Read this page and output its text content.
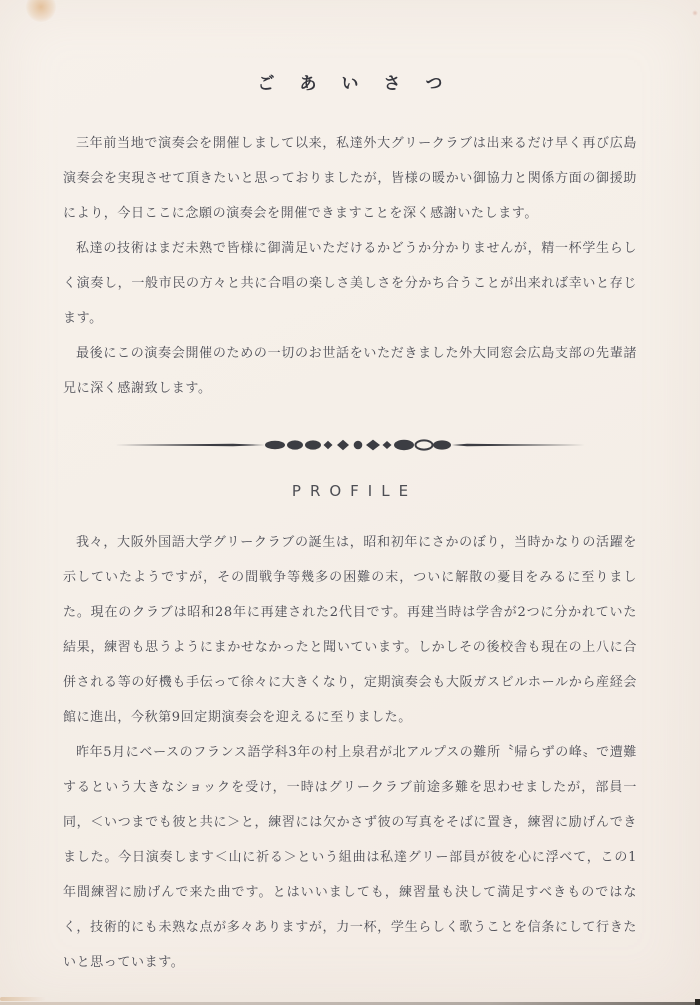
ごあいさつ

三年前当地で演奏会を開催しまして以来，私達外大グリークラブは出来るだけ早く再び広島演奏会を実現させて頂きたいと思っておりましたが，皆様の暖かい御協力と関係方面の御援助により，今日ここに念願の演奏会を開催できますことを深く感謝いたします。

私達の技術はまだ未熟で皆様に御満足いただけるかどうか分かりませんが，精一杯学生らしく演奏し，一般市民の方々と共に合唱の楽しさ美しさを分かち合うことが出来れば幸いと存じます。

最後にこの演奏会開催のための一切のお世話をいただきました外大同窓会広島支部の先輩諸兄に深く感謝致します。

PROFILE

我々，大阪外国語大学グリークラブの誕生は，昭和初年にさかのぼり，当時かなりの活躍を示していたようですが，その間戦争等幾多の困難の末，ついに解散の憂目をみるに至りました。現在のクラブは昭和28年に再建された2代目です。再建当時は学舎が2つに分かれていた結果，練習も思うようにまかせなかったと聞いています。しかしその後校舎も現在の上八に合併される等の好機も手伝って徐々に大きくなり，定期演奏会も大阪ガスビルホールから産経会館に進出，今秋第9回定期演奏会を迎えるに至りました。

昨年5月にベースのフランス語学科3年の村上泉君が北アルプスの難所〝帰らずの峰〟で遭難するという大きなショックを受け，一時はグリークラブ前途多難を思わせましたが，部員一同，＜いつまでも彼と共に＞と，練習には欠かさず彼の写真をそばに置き，練習に励げんできました。今日演奏します＜山に祈る＞という組曲は私達グリー部員が彼を心に浮べて，この1年間練習に励げんで来た曲です。とはいいましても，練習量も決して満足すべきものではなく，技術的にも未熟な点が多々ありますが，力一杯，学生らしく歌うことを信条にして行きたいと思っています。
